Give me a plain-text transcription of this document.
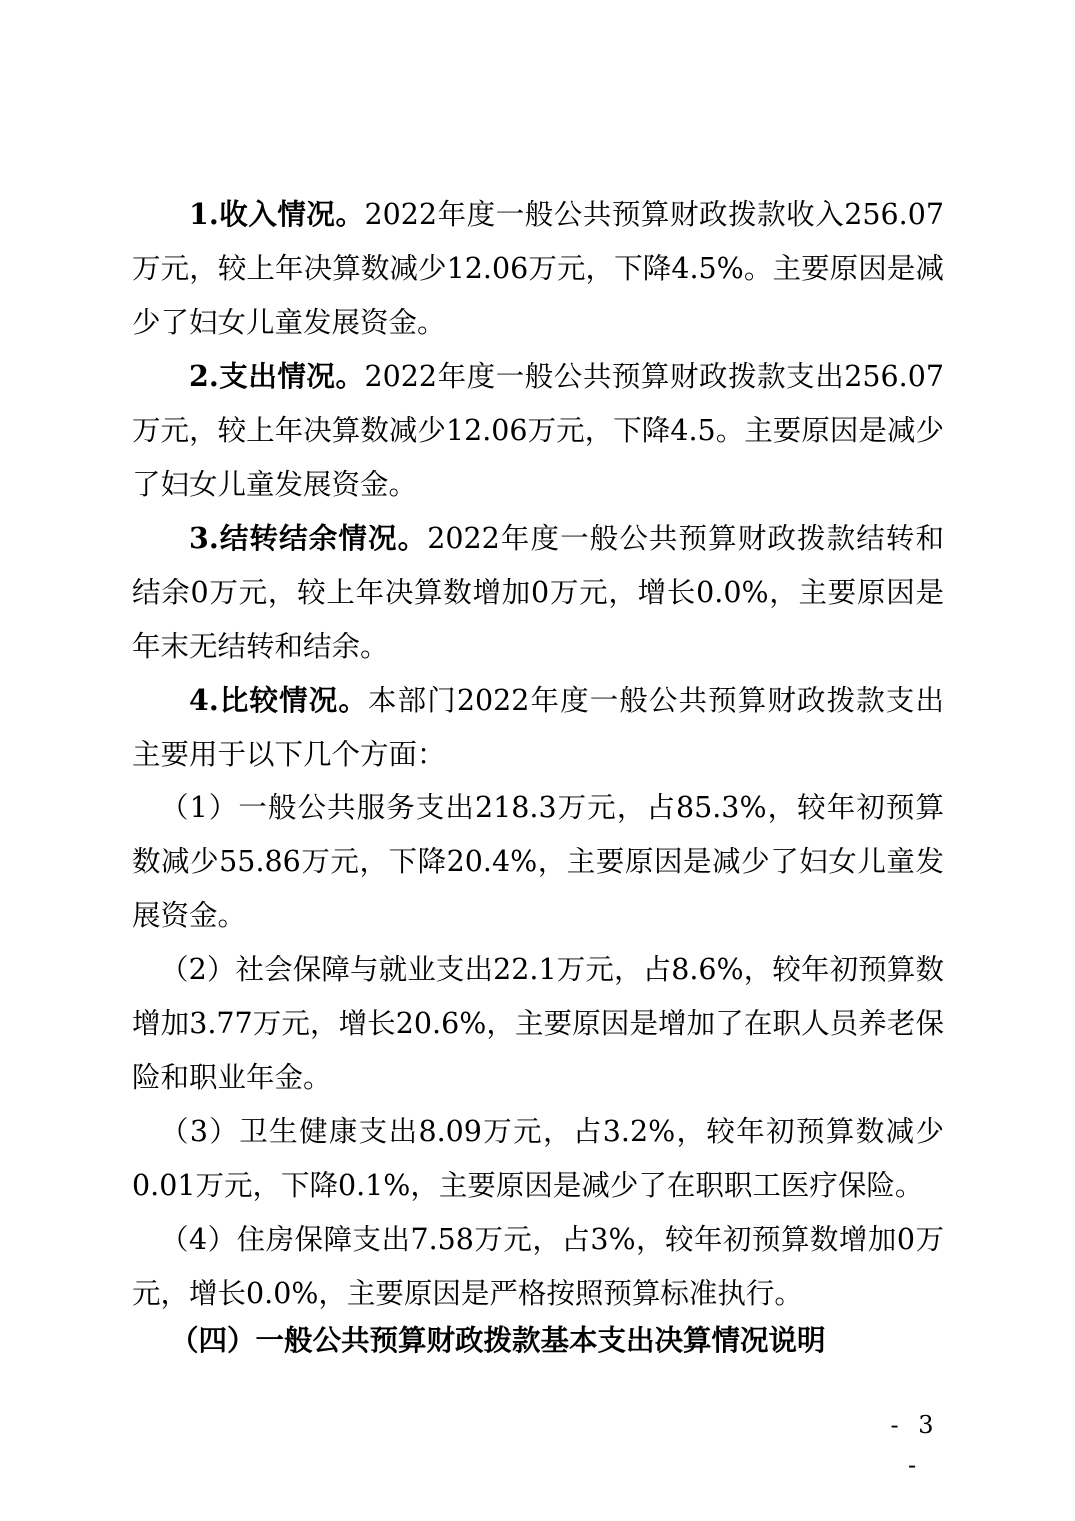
1.收入情况。2022年度一般公共预算财政拨款收入256.07万元，较上年决算数减少12.06万元，下降4.5%。主要原因是减少了妇女儿童发展资金。

2.支出情况。2022年度一般公共预算财政拨款支出256.07万元，较上年决算数减少12.06万元，下降4.5。主要原因是减少了妇女儿童发展资金。

3.结转结余情况。2022年度一般公共预算财政拨款结转和结余0万元，较上年决算数增加0万元，增长0.0%，主要原因是年末无结转和结余。

4.比较情况。本部门2022年度一般公共预算财政拨款支出主要用于以下几个方面：

（1）一般公共服务支出218.3万元，占85.3%，较年初预算数减少55.86万元，下降20.4%，主要原因是减少了妇女儿童发展资金。

（2）社会保障与就业支出22.1万元，占8.6%，较年初预算数增加3.77万元，增长20.6%，主要原因是增加了在职人员养老保险和职业年金。

（3）卫生健康支出8.09万元，占3.2%，较年初预算数减少0.01万元，下降0.1%，主要原因是减少了在职职工医疗保险。

（4）住房保障支出7.58万元，占3%，较年初预算数增加0万元，增长0.0%，主要原因是严格按照预算标准执行。

（四）一般公共预算财政拨款基本支出决算情况说明

- 3 -
